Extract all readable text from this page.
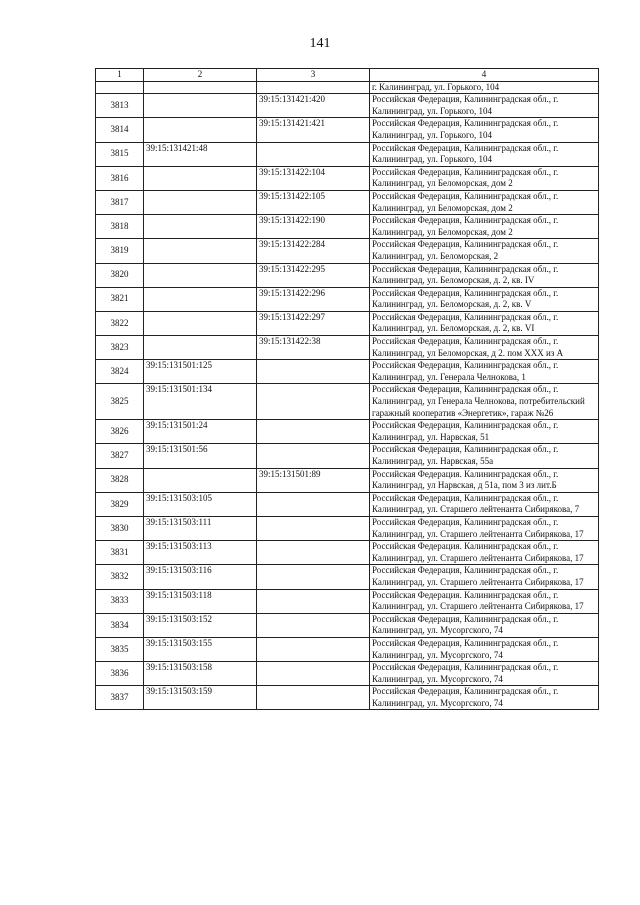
141
1	2	3	4
			г. Калининград, ул. Горького, 104
3813		39:15:131421:420	Российская Федерация, Калининградская обл., г. Калининград, ул. Горького, 104
3814		39:15:131421:421	Российская Федерация, Калининградская обл., г. Калининград, ул. Горького, 104
3815	39:15:131421:48		Российская Федерация, Калининградская обл., г. Калининград, ул. Горького, 104
3816		39:15:131422:104	Российская Федерация, Калининградская обл., г. Калининград, ул Беломорская, дом 2
3817		39:15:131422:105	Российская Федерация, Калининградская обл., г. Калининград, ул Беломорская, дом 2
3818		39:15:131422:190	Российская Федерация, Калининградская обл., г. Калининград, ул Беломорская, дом 2
3819		39:15:131422:284	Российская Федерация, Калининградская обл., г. Калининград, ул. Беломорская, 2
3820		39:15:131422:295	Российская Федерация, Калининградская обл., г. Калининград, ул. Беломорская, д. 2, кв. IV
3821		39:15:131422:296	Российская Федерация, Калининградская обл., г. Калининград, ул. Беломорская, д. 2, кв. V
3822		39:15:131422:297	Российская Федерация, Калининградская обл., г. Калининград, ул. Беломорская, д. 2, кв. VI
3823		39:15:131422:38	Российская Федерация, Калининградская обл., г. Калининград, ул Беломорская, д 2. пом XXX из А
3824	39:15:131501:125		Российская Федерация, Калининградская обл., г. Калининград, ул. Генерала Челнокова, 1
3825	39:15:131501:134		Российская Федерация, Калининградская обл., г. Калининград, ул Генерала Челнокова, потребительский гаражный кооператив «Энергетик», гараж №26
3826	39:15:131501:24		Российская Федерация, Калининградская обл., г. Калининград, ул. Нарвская, 51
3827	39:15:131501:56		Российская Федерация, Калининградская обл., г. Калининград, ул. Нарвская, 55а
3828		39:15:131501:89	Российская Федерация. Калининградская обл., г. Калининград, ул Нарвская, д 51а, пом 3 из лит.Б
3829	39:15:131503:105		Российская Федерация, Калининградская обл., г. Калининград, ул. Старшего лейтенанта Сибирякова, 7
3830	39:15:131503:111		Российская Федерация, Калининградская обл., г. Калининград, ул. Старшего лейтенанта Сибирякова, 17
3831	39:15:131503:113		Российская Федерация. Калининградская обл., г. Калининград, ул. Старшего лейтенанта Сибирякова, 17
3832	39:15:131503:116		Российская Федерация, Калининградская обл., г. Калининград, ул. Старшего лейтенанта Сибирякова, 17
3833	39:15:131503:118		Российская Федерация. Калининградская обл., г. Калининград, ул. Старшего лейтенанта Сибирякова, 17
3834	39:15:131503:152		Российская Федерация, Калининградская обл., г. Калининград, ул. Мусоргского, 74
3835	39:15:131503:155		Российская Федерация, Калининградская обл., г. Калининград, ул. Мусоргского, 74
3836	39:15:131503:158		Российская Федерация, Калининградская обл., г. Калининград, ул. Мусоргского, 74
3837	39:15:131503:159		Российская Федерация, Калининградская обл., г. Калининград, ул. Мусоргского, 74
